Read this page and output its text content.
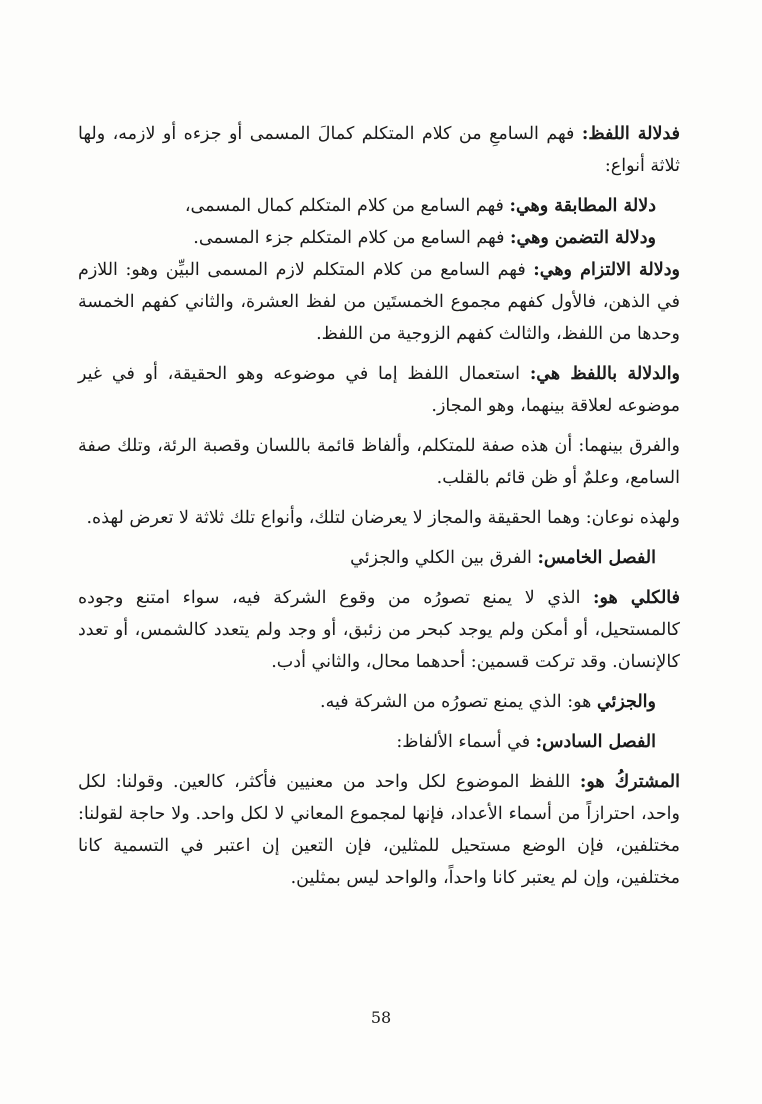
فدلالة اللفظ: فهم السامعِ من كلام المتكلم كمالَ المسمى أو جزءه أو لازمه، ولها ثلاثة أنواع:

دلالة المطابقة وهي: فهم السامع من كلام المتكلم كمال المسمى،

ودلالة التضمن وهي: فهم السامع من كلام المتكلم جزء المسمى.

ودلالة الالتزام وهي: فهم السامع من كلام المتكلم لازم المسمى البيِّن وهو: اللازم في الذهن، فالأول كفهم مجموع الخمستَين من لفظ العشرة، والثاني كفهم الخمسة وحدها من اللفظ، والثالث كفهم الزوجية من اللفظ.

والدلالة باللفظ هي: استعمال اللفظ إما في موضوعه وهو الحقيقة، أو في غير موضوعه لعلاقة بينهما، وهو المجاز.

والفرق بينهما: أن هذه صفة للمتكلم، وألفاظ قائمة باللسان وقصبة الرئة، وتلك صفة السامع، وعلمٌ أو ظن قائم بالقلب.

ولهذه نوعان: وهما الحقيقة والمجاز لا يعرضان لتلك، وأنواع تلك ثلاثة لا تعرض لهذه.

الفصل الخامس: الفرق بين الكلي والجزئي

فالكلي هو: الذي لا يمنع تصورُه من وقوع الشركة فيه، سواء امتنع وجوده كالمستحيل، أو أمكن ولم يوجد كبحر من زئبق، أو وجد ولم يتعدد كالشمس، أو تعدد كالإنسان. وقد تركت قسمين: أحدهما محال، والثاني أدب.

والجزئي هو: الذي يمنع تصورُه من الشركة فيه.

الفصل السادس: في أسماء الألفاظ:

المشتركُ هو: اللفظ الموضوع لكل واحد من معنيين فأكثر، كالعين. وقولنا: لكل واحد، احترازاً من أسماء الأعداد، فإنها لمجموع المعاني لا لكل واحد. ولا حاجة لقولنا: مختلفين، فإن الوضع مستحيل للمثلين، فإن التعين إن اعتبر في التسمية كانا مختلفين، وإن لم يعتبر كانا واحداً، والواحد ليس بمثلين.

58
